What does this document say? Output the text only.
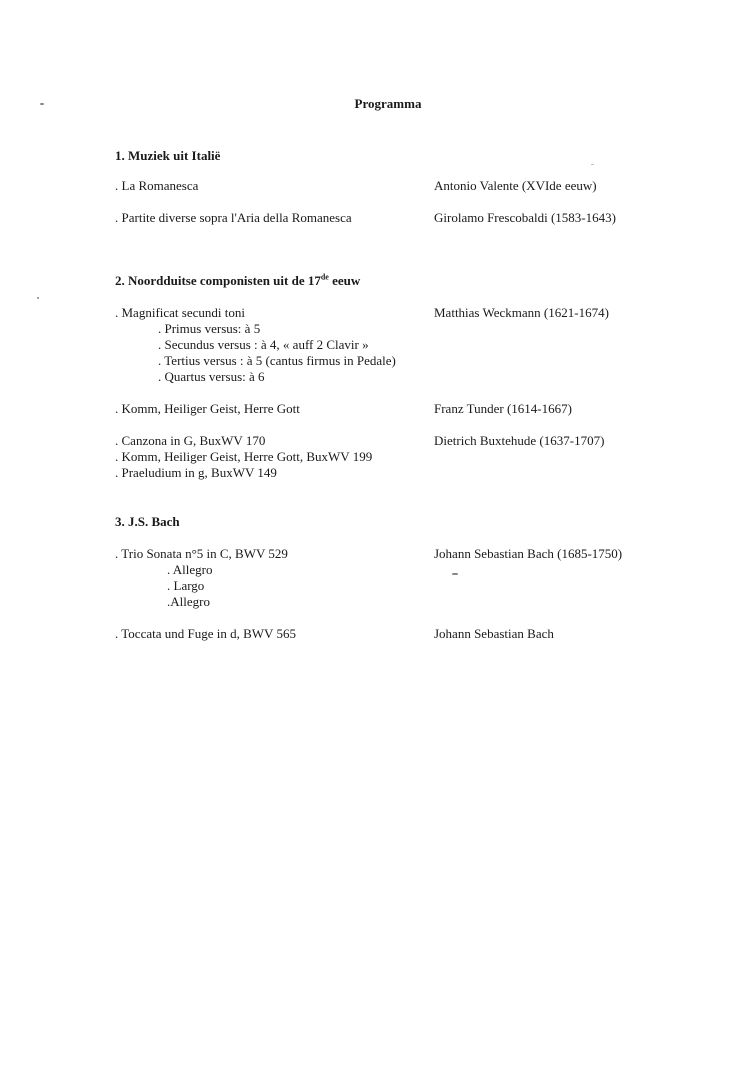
Programma
1. Muziek uit Italië
. La Romanesca	Antonio Valente (XVIde eeuw)
. Partite diverse sopra l'Aria della Romanesca	Girolamo Frescobaldi (1583-1643)
2. Noordduitse componisten uit de 17de eeuw
. Magnificat secundi toni	Matthias Weckmann (1621-1674)
. Primus versus: à 5
. Secundus versus : à 4, « auff 2 Clavir »
. Tertius versus : à 5 (cantus firmus in Pedale)
. Quartus versus: à 6
. Komm, Heiliger Geist, Herre Gott	Franz Tunder (1614-1667)
. Canzona in G, BuxWV 170	Dietrich Buxtehude (1637-1707)
. Komm, Heiliger Geist, Herre Gott, BuxWV 199
. Praeludium in g, BuxWV 149
3. J.S. Bach
. Trio Sonata n°5 in C, BWV 529	Johann Sebastian Bach (1685-1750)
. Allegro
. Largo
.Allegro
. Toccata und Fuge in d, BWV 565	Johann Sebastian Bach
